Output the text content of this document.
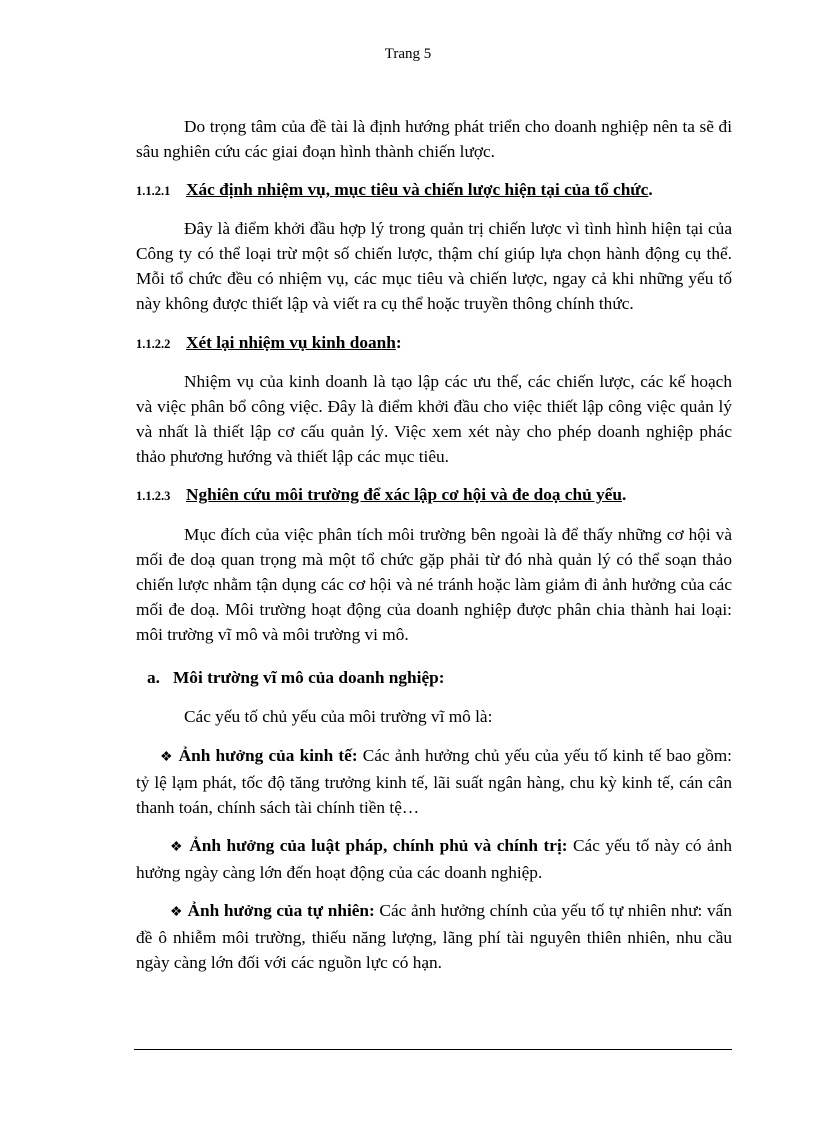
Trang 5

Do trọng tâm của đề tài là định hướng phát triển cho doanh nghiệp nên ta sẽ đi sâu nghiên cứu các giai đoạn hình thành chiến lược.

1.1.2.1 Xác định nhiệm vụ, mục tiêu và chiến lược hiện tại của tổ chức.

Đây là điểm khởi đầu hợp lý trong quản trị chiến lược vì tình hình hiện tại của Công ty có thể loại trừ một số chiến lược, thậm chí giúp lựa chọn hành động cụ thể. Mỗi tổ chức đều có nhiệm vụ, các mục tiêu và chiến lược, ngay cả khi những yếu tố này không được thiết lập và viết ra cụ thể hoặc truyền thông chính thức.

1.1.2.2 Xét lại nhiệm vụ kinh doanh:

Nhiệm vụ của kinh doanh là tạo lập các ưu thế, các chiến lược, các kế hoạch và việc phân bổ công việc. Đây là điểm khởi đầu cho việc thiết lập công việc quản lý và nhất là thiết lập cơ cấu quản lý. Việc xem xét này cho phép doanh nghiệp phác thảo phương hướng và thiết lập các mục tiêu.

1.1.2.3 Nghiên cứu môi trường để xác lập cơ hội và đe doạ chủ yếu.

Mục đích của việc phân tích môi trường bên ngoài là để thấy những cơ hội và mối đe doạ quan trọng mà một tổ chức gặp phải từ đó nhà quản lý có thể soạn thảo chiến lược nhằm tận dụng các cơ hội và né tránh hoặc làm giảm đi ảnh hưởng của các mối đe doạ. Môi trường hoạt động của doanh nghiệp được phân chia thành hai loại: môi trường vĩ mô và môi trường vi mô.

a. Môi trường vĩ mô của doanh nghiệp:

Các yếu tố chủ yếu của môi trường vĩ mô là:

❖ Ảnh hưởng của kinh tế: Các ảnh hưởng chủ yếu của yếu tố kinh tế bao gồm: tỷ lệ lạm phát, tốc độ tăng trưởng kinh tế, lãi suất ngân hàng, chu kỳ kinh tế, cán cân thanh toán, chính sách tài chính tiền tệ…

❖ Ảnh hưởng của luật pháp, chính phủ và chính trị: Các yếu tố này có ảnh hưởng ngày càng lớn đến hoạt động của các doanh nghiệp.

❖ Ảnh hưởng của tự nhiên: Các ảnh hưởng chính của yếu tố tự nhiên như: vấn đề ô nhiễm môi trường, thiếu năng lượng, lãng phí tài nguyên thiên nhiên, nhu cầu ngày càng lớn đối với các nguồn lực có hạn.
